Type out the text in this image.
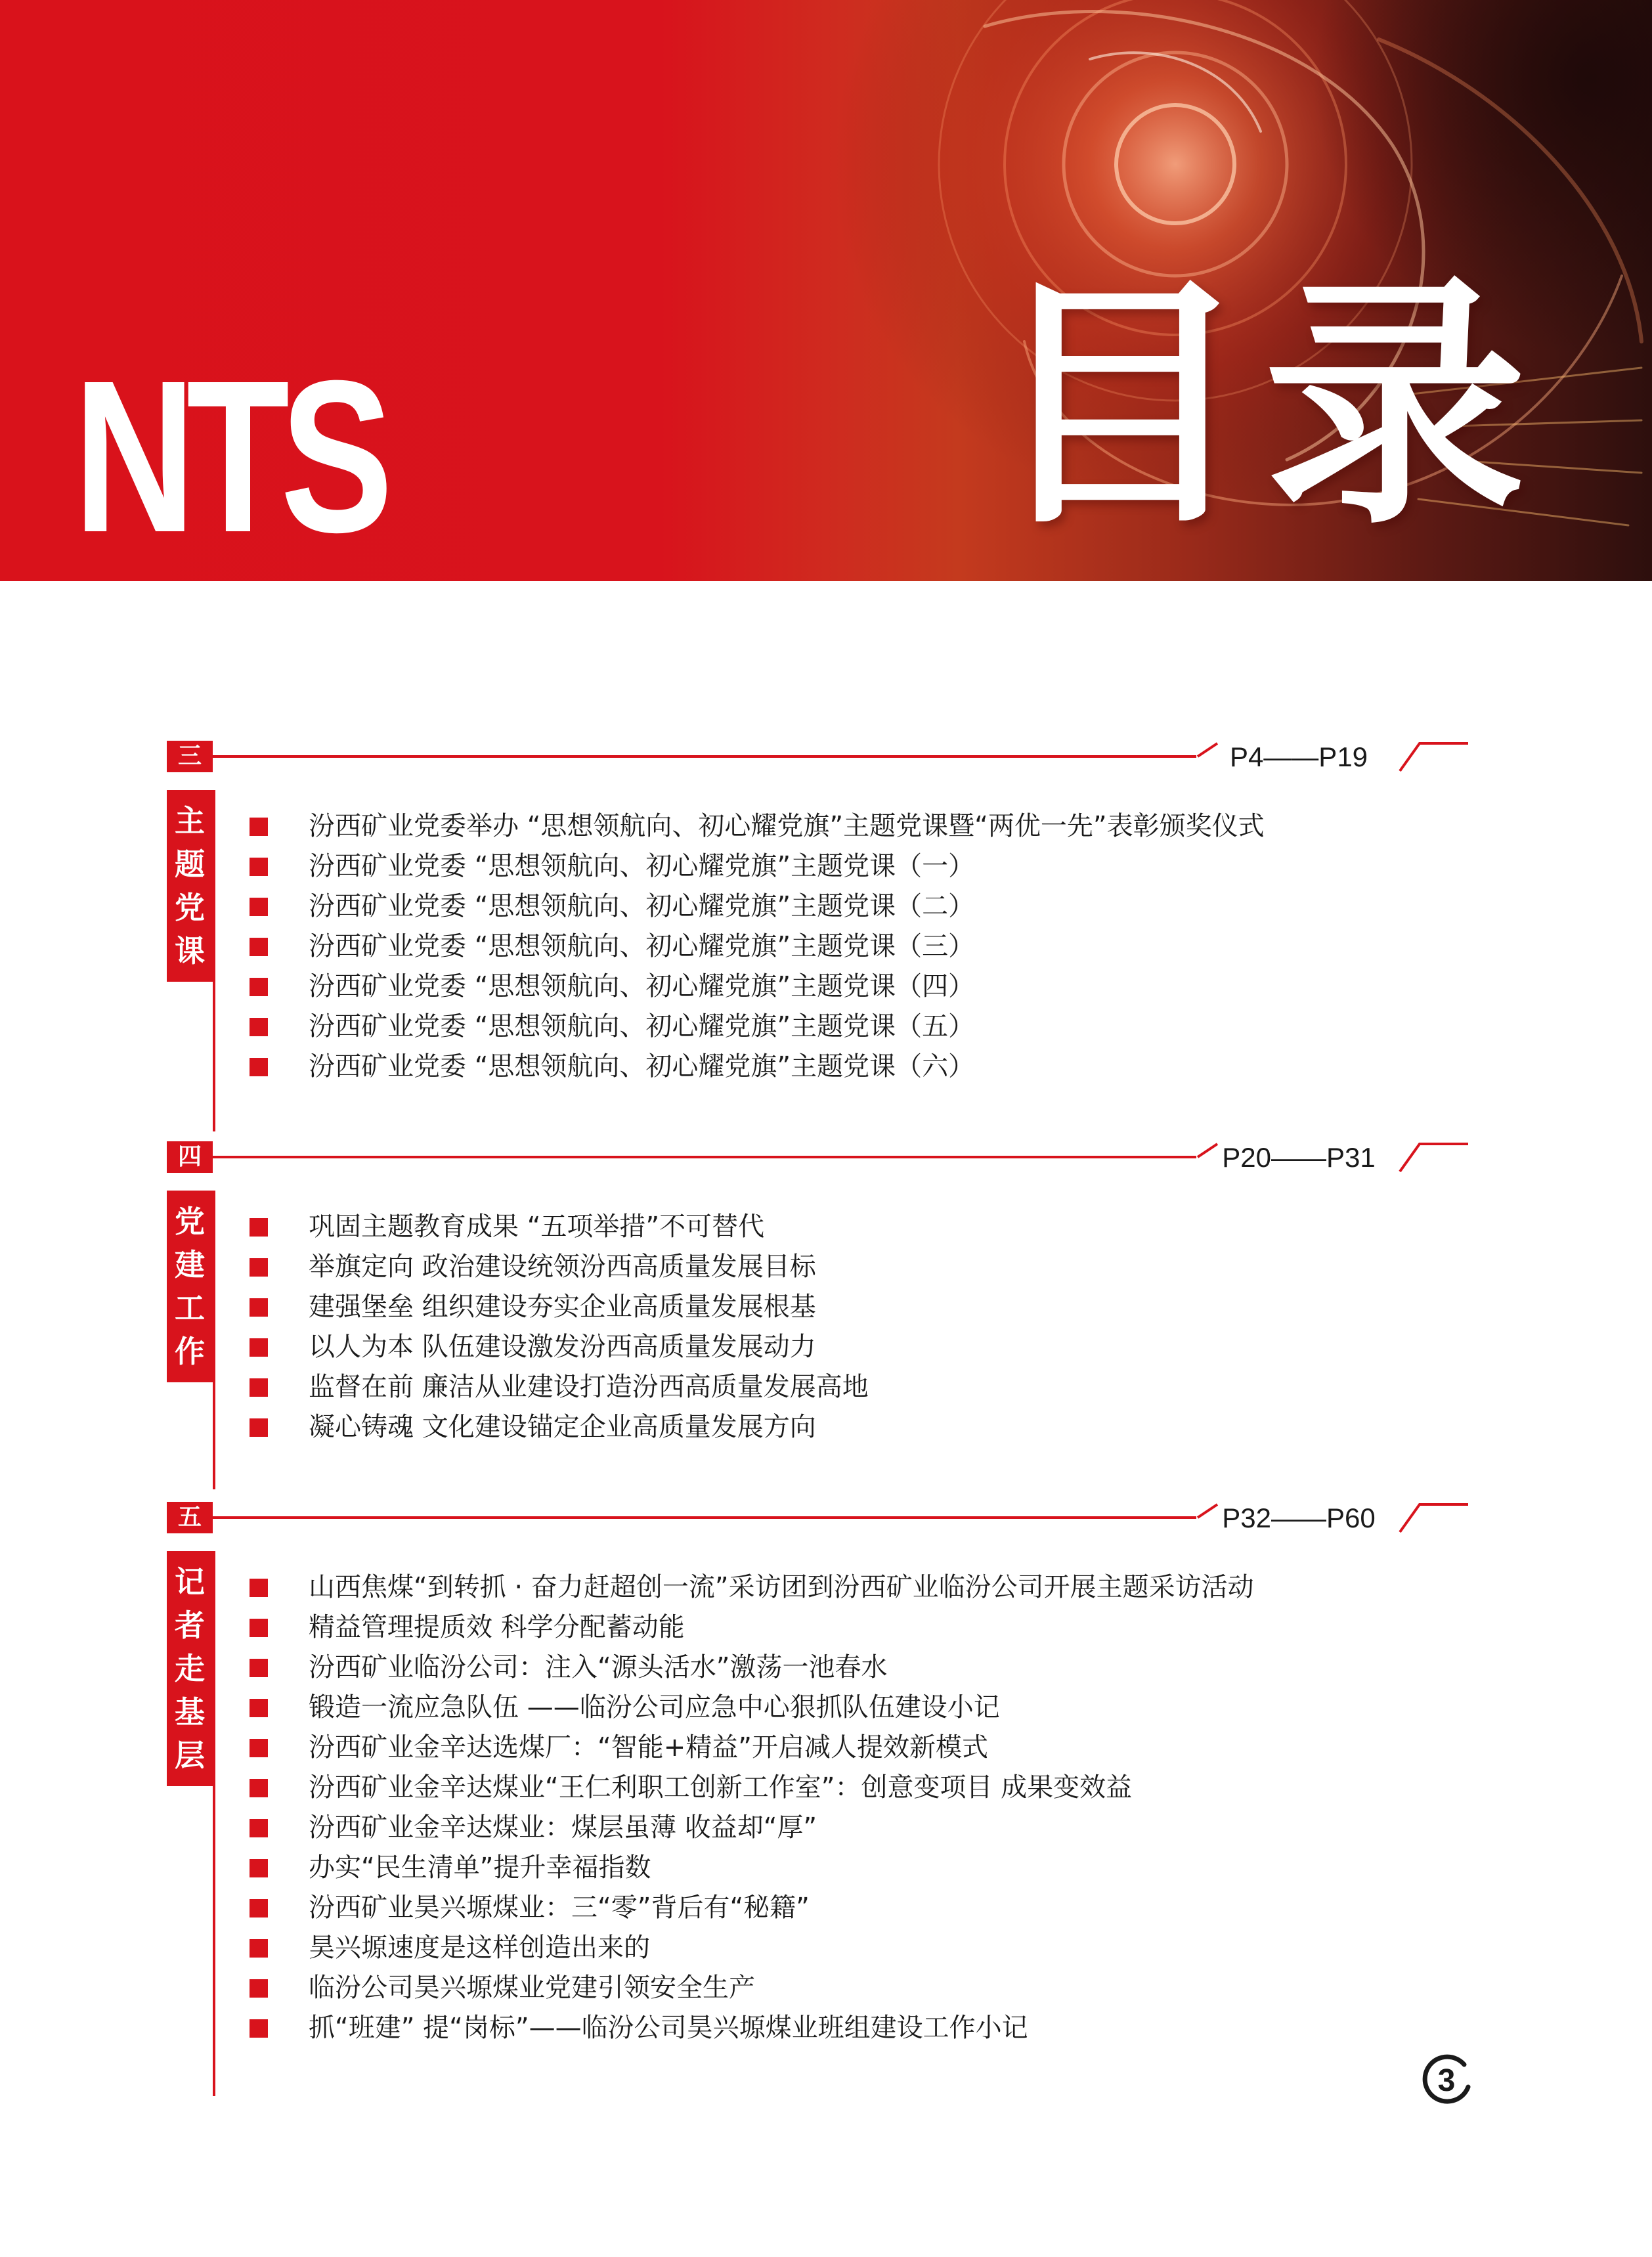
NTS 目录
三	P4——P19
主
题
党
课
汾西矿业党委举办 “思想领航向、初心耀党旗”主题党课暨“两优一先”表彰颁奖仪式
汾西矿业党委 “思想领航向、初心耀党旗”主题党课（一）
汾西矿业党委 “思想领航向、初心耀党旗”主题党课（二）
汾西矿业党委 “思想领航向、初心耀党旗”主题党课（三）
汾西矿业党委 “思想领航向、初心耀党旗”主题党课（四）
汾西矿业党委 “思想领航向、初心耀党旗”主题党课（五）
汾西矿业党委 “思想领航向、初心耀党旗”主题党课（六）
四	P20——P31
党
建
工
作
巩固主题教育成果 “五项举措”不可替代
举旗定向 政治建设统领汾西高质量发展目标
建强堡垒 组织建设夯实企业高质量发展根基
以人为本 队伍建设激发汾西高质量发展动力
监督在前 廉洁从业建设打造汾西高质量发展高地
凝心铸魂 文化建设锚定企业高质量发展方向
五	P32——P60
记
者
走
基
层
山西焦煤“到转抓 · 奋力赶超创一流”采访团到汾西矿业临汾公司开展主题采访活动
精益管理提质效 科学分配蓄动能
汾西矿业临汾公司：注入“源头活水”激荡一池春水
锻造一流应急队伍 ——临汾公司应急中心狠抓队伍建设小记
汾西矿业金辛达选煤厂：“智能+精益”开启减人提效新模式
汾西矿业金辛达煤业“王仁利职工创新工作室”：创意变项目 成果变效益
汾西矿业金辛达煤业：煤层虽薄 收益却“厚”
办实“民生清单”提升幸福指数
汾西矿业昊兴塬煤业：三“零”背后有“秘籍”
昊兴塬速度是这样创造出来的
临汾公司昊兴塬煤业党建引领安全生产
抓“班建” 提“岗标”——临汾公司昊兴塬煤业班组建设工作小记
3
